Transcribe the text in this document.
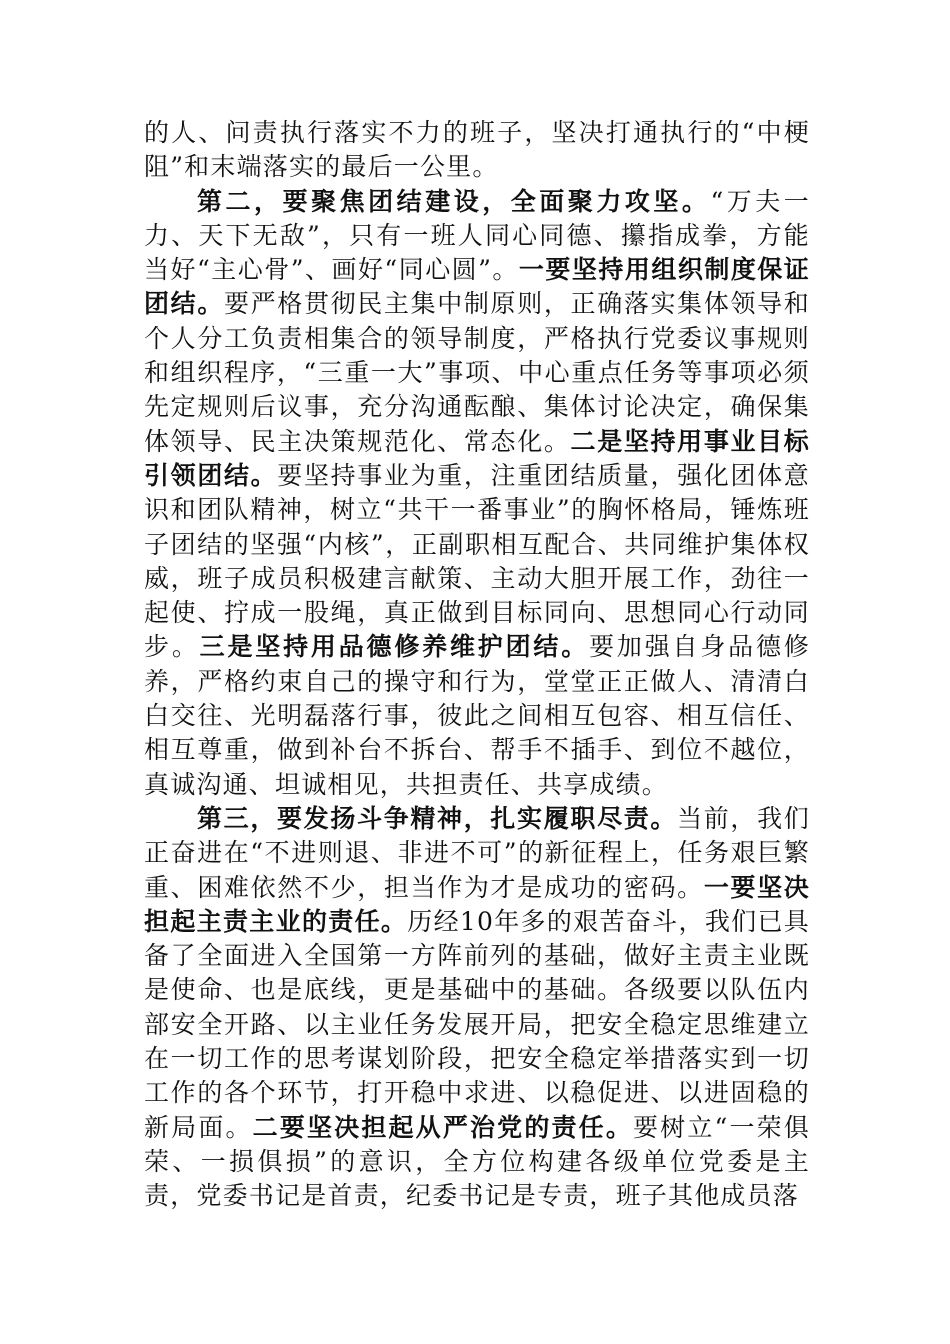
的人、问责执行落实不力的班子，坚决打通执行的“中梗阻”和末端落实的最后一公里。

第二，要聚焦团结建设，全面聚力攻坚。“万夫一力、天下无敌”，只有一班人同心同德、攥指成拳，方能当好“主心骨”、画好“同心圆”。一要坚持用组织制度保证团结。要严格贯彻民主集中制原则，正确落实集体领导和个人分工负责相集合的领导制度，严格执行党委议事规则和组织程序，“三重一大”事项、中心重点任务等事项必须先定规则后议事，充分沟通酝酿、集体讨论决定，确保集体领导、民主决策规范化、常态化。二是坚持用事业目标引领团结。要坚持事业为重，注重团结质量，强化团体意识和团队精神，树立“共干一番事业”的胸怀格局，锤炼班子团结的坚强“内核”，正副职相互配合、共同维护集体权威，班子成员积极建言献策、主动大胆开展工作，劲往一起使、拧成一股绳，真正做到目标同向、思想同心行动同步。三是坚持用品德修养维护团结。要加强自身品德修养，严格约束自己的操守和行为，堂堂正正做人、清清白白交往、光明磊落行事，彼此之间相互包容、相互信任、相互尊重，做到补台不拆台、帮手不插手、到位不越位，真诚沟通、坦诚相见，共担责任、共享成绩。

第三，要发扬斗争精神，扎实履职尽责。当前，我们正奋进在“不进则退、非进不可”的新征程上，任务艰巨繁重、困难依然不少，担当作为才是成功的密码。一要坚决担起主责主业的责任。历经10年多的艰苦奋斗，我们已具备了全面进入全国第一方阵前列的基础，做好主责主业既是使命、也是底线，更是基础中的基础。各级要以队伍内部安全开路、以主业任务发展开局，把安全稳定思维建立在一切工作的思考谋划阶段，把安全稳定举措落实到一切工作的各个环节，打开稳中求进、以稳促进、以进固稳的新局面。二要坚决担起从严治党的责任。要树立“一荣俱荣、一损俱损”的意识，全方位构建各级单位党委是主责，党委书记是首责，纪委书记是专责，班子其他成员落
